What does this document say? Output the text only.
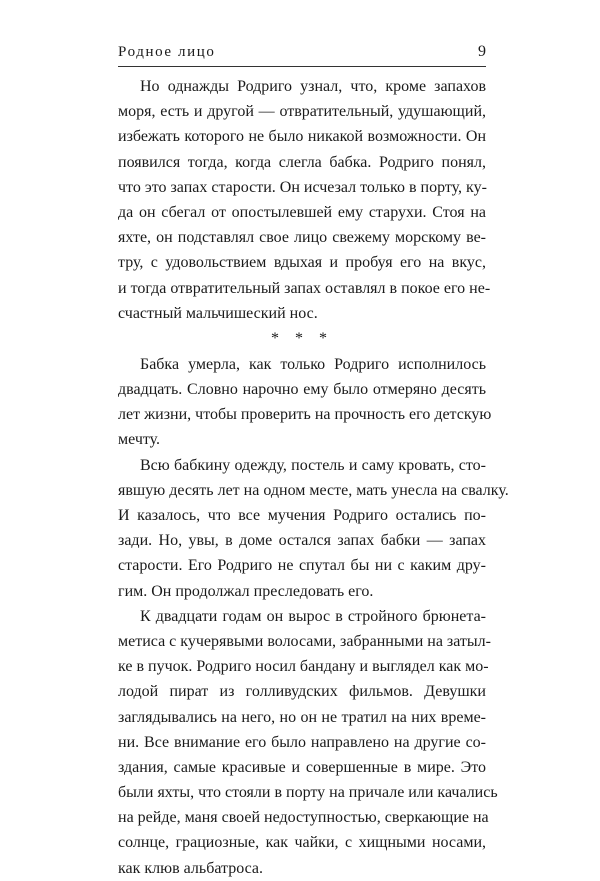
Родное лицо	9
Но однажды Родриго узнал, что, кроме запахов
моря, есть и другой — отвратительный, удушающий,
избежать которого не было никакой возможности. Он
появился тогда, когда слегла бабка. Родриго понял,
что это запах старости. Он исчезал только в порту, ку-
да он сбегал от опостылевшей ему старухи. Стоя на
яхте, он подставлял свое лицо свежему морскому ве-
тру, с удовольствием вдыхая и пробуя его на вкус,
и тогда отвратительный запах оставлял в покое его не-
счастный мальчишеский нос.
* * *
Бабка умерла, как только Родриго исполнилось
двадцать. Словно нарочно ему было отмеряно десять
лет жизни, чтобы проверить на прочность его детскую
мечту.
Всю бабкину одежду, постель и саму кровать, сто-
явшую десять лет на одном месте, мать унесла на свалку.
И казалось, что все мучения Родриго остались по-
зади. Но, увы, в доме остался запах бабки — запах
старости. Его Родриго не спутал бы ни с каким дру-
гим. Он продолжал преследовать его.
К двадцати годам он вырос в стройного брюнета-
метиса с кучерявыми волосами, забранными на затыл-
ке в пучок. Родриго носил бандану и выглядел как мо-
лодой пират из голливудских фильмов. Девушки
заглядывались на него, но он не тратил на них време-
ни. Все внимание его было направлено на другие со-
здания, самые красивые и совершенные в мире. Это
были яхты, что стояли в порту на причале или качались
на рейде, маня своей недоступностью, сверкающие на
солнце, грациозные, как чайки, с хищными носами,
как клюв альбатроса.
